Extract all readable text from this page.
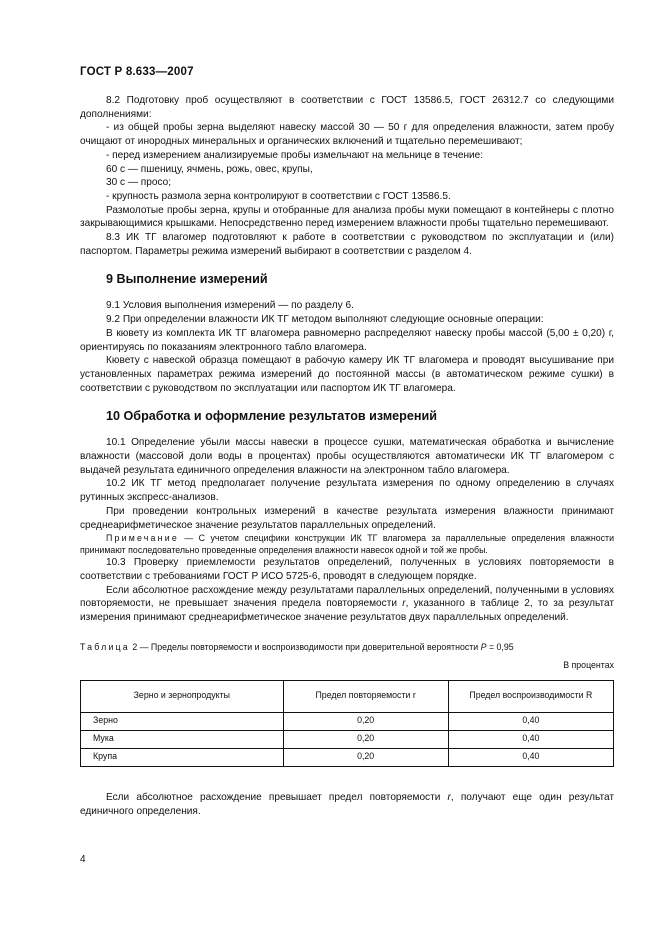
ГОСТ Р 8.633—2007

8.2 Подготовку проб осуществляют в соответствии с ГОСТ 13586.5, ГОСТ 26312.7 со следующими дополнениями:

- из общей пробы зерна выделяют навеску массой 30 — 50 г для определения влажности, затем пробу очищают от инородных минеральных и органических включений и тщательно перемешивают;

- перед измерением анализируемые пробы измельчают на мельнице в течение:

60 с — пшеницу, ячмень, рожь, овес, крупы,

30 с — просо;

- крупность размола зерна контролируют в соответствии с ГОСТ 13586.5.

Размолотые пробы зерна, крупы и отобранные для анализа пробы муки помещают в контейнеры с плотно закрывающимися крышками. Непосредственно перед измерением влажности пробы тщательно перемешивают.

8.3 ИК ТГ влагомер подготовляют к работе в соответствии с руководством по эксплуатации и (или) паспортом. Параметры режима измерений выбирают в соответствии с разделом 4.

9 Выполнение измерений

9.1 Условия выполнения измерений — по разделу 6.

9.2 При определении влажности ИК ТГ методом выполняют следующие основные операции:

В кювету из комплекта ИК ТГ влагомера равномерно распределяют навеску пробы массой (5,00 ± 0,20) г, ориентируясь по показаниям электронного табло влагомера.

Кювету с навеской образца помещают в рабочую камеру ИК ТГ влагомера и проводят высушивание при установленных параметрах режима измерений до постоянной массы (в автоматическом режиме сушки) в соответствии с руководством по эксплуатации или паспортом ИК ТГ влагомера.

10 Обработка и оформление результатов измерений

10.1 Определение убыли массы навески в процессе сушки, математическая обработка и вычисление влажности (массовой доли воды в процентах) пробы осуществляются автоматически ИК ТГ влагомером с выдачей результата единичного определения влажности на электронном табло влагомера.

10.2 ИК ТГ метод предполагает получение результата измерения по одному определению в случаях рутинных экспресс-анализов.

При проведении контрольных измерений в качестве результата измерения влажности принимают среднеарифметическое значение результатов параллельных определений.

Примечание — С учетом специфики конструкции ИК ТГ влагомера за параллельные определения влажности принимают последовательно проведенные определения влажности навесок одной и той же пробы.

10.3 Проверку приемлемости результатов определений, полученных в условиях повторяемости в соответствии с требованиями ГОСТ Р ИСО 5725-6, проводят в следующем порядке.

Если абсолютное расхождение между результатами параллельных определений, полученными в условиях повторяемости, не превышает значения предела повторяемости r, указанного в таблице 2, то за результат измерения принимают среднеарифметическое значение результатов двух параллельных определений.

Таблица 2 — Пределы повторяемости и воспроизводимости при доверительной вероятности P = 0,95
В процентах
Зерно и зернопродукты	Предел повторяемости r	Предел воспроизводимости R
Зерно	0,20	0,40
Мука	0,20	0,40
Крупа	0,20	0,40

Если абсолютное расхождение превышает предел повторяемости r, получают еще один результат единичного определения.

4
